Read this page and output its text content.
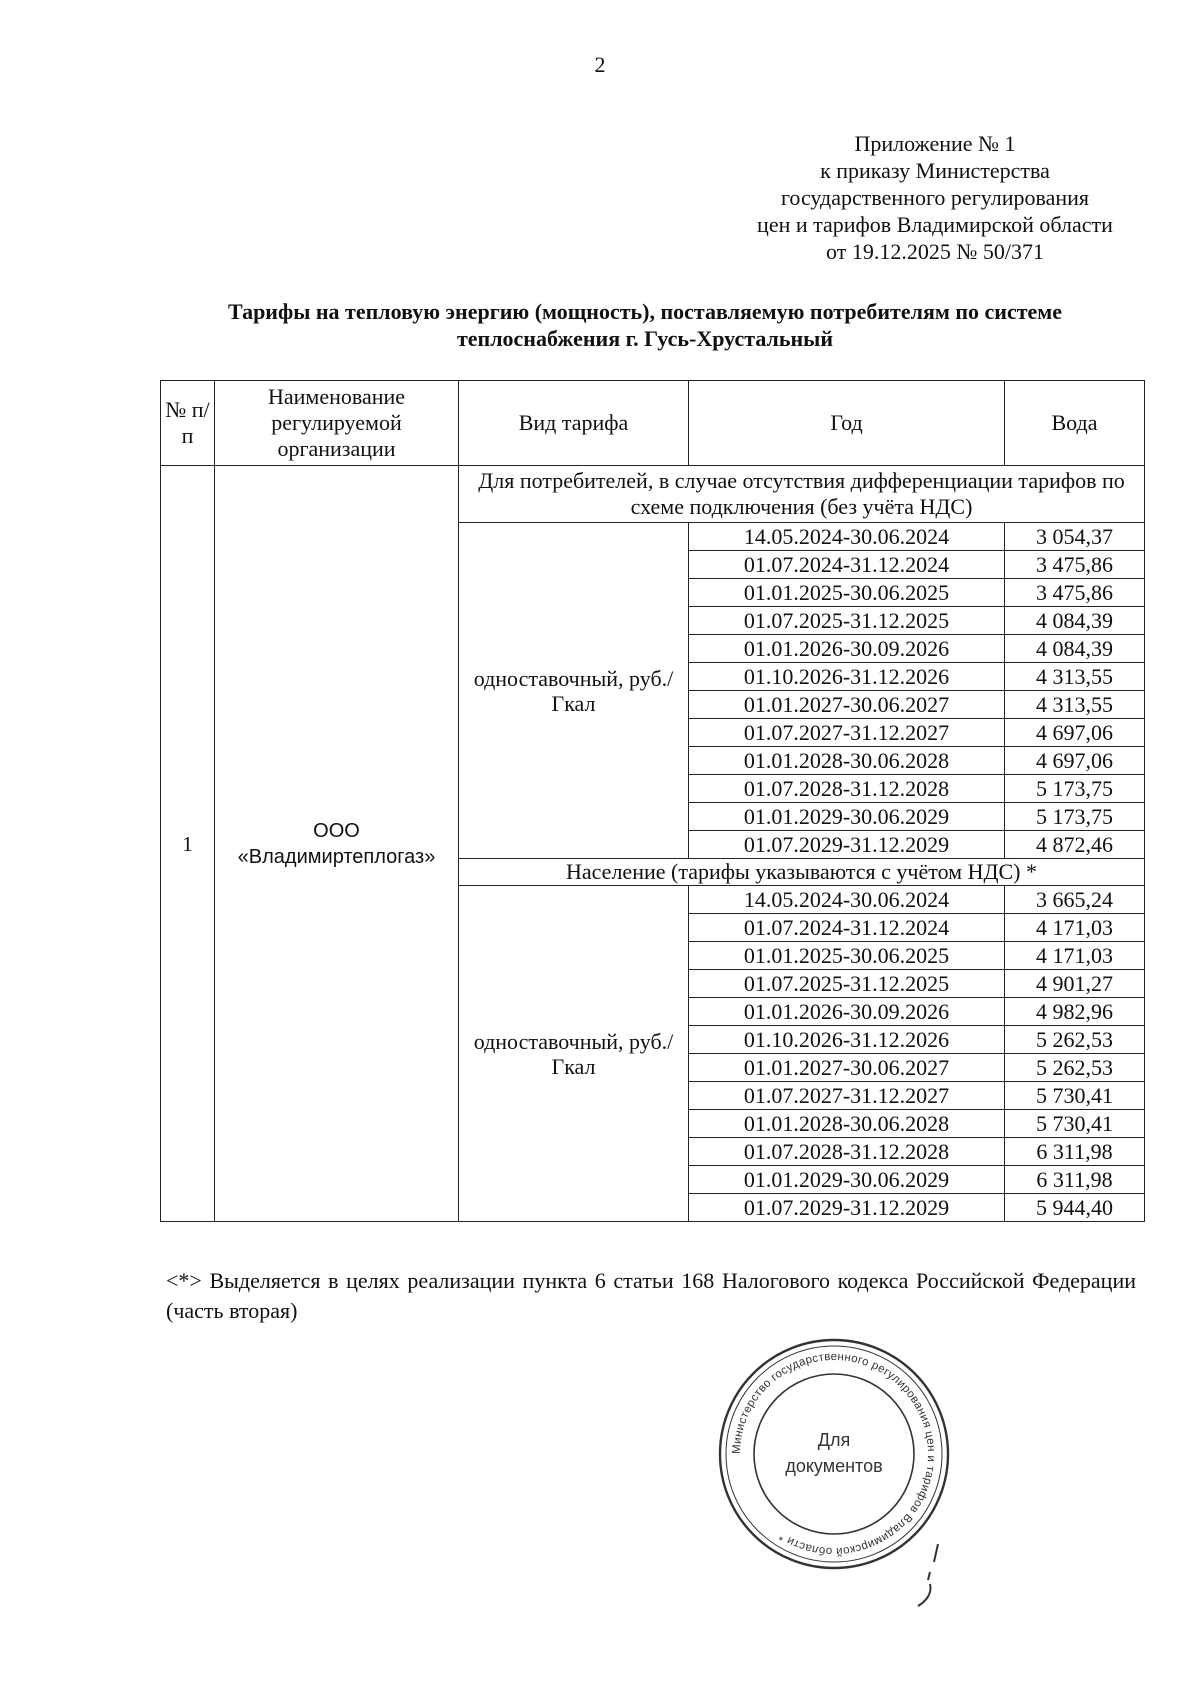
2
Приложение № 1
к приказу Министерства
государственного регулирования
цен и тарифов Владимирской области
от 19.12.2025 № 50/371
Тарифы на тепловую энергию (мощность), поставляемую потребителям по системе
теплоснабжения г. Гусь-Хрустальный
№ п/п	Наименование регулируемой организации	Вид тарифа	Год	Вода
1	ООО «Владимиртеплогаз»	Для потребителей, в случае отсутствия дифференциации тарифов по схеме подключения (без учёта НДС)		
		одноставочный, руб./Гкал	14.05.2024-30.06.2024	3 054,37
			01.07.2024-31.12.2024	3 475,86
			01.01.2025-30.06.2025	3 475,86
			01.07.2025-31.12.2025	4 084,39
			01.01.2026-30.09.2026	4 084,39
			01.10.2026-31.12.2026	4 313,55
			01.01.2027-30.06.2027	4 313,55
			01.07.2027-31.12.2027	4 697,06
			01.01.2028-30.06.2028	4 697,06
			01.07.2028-31.12.2028	5 173,75
			01.01.2029-30.06.2029	5 173,75
			01.07.2029-31.12.2029	4 872,46
		Население (тарифы указываются с учётом НДС) *		
		одноставочный, руб./Гкал	14.05.2024-30.06.2024	3 665,24
			01.07.2024-31.12.2024	4 171,03
			01.01.2025-30.06.2025	4 171,03
			01.07.2025-31.12.2025	4 901,27
			01.01.2026-30.09.2026	4 982,96
			01.10.2026-31.12.2026	5 262,53
			01.01.2027-30.06.2027	5 262,53
			01.07.2027-31.12.2027	5 730,41
			01.01.2028-30.06.2028	5 730,41
			01.07.2028-31.12.2028	6 311,98
			01.01.2029-30.06.2029	6 311,98
			01.07.2029-31.12.2029	5 944,40
<*> Выделяется в целях реализации пункта 6 статьи 168 Налогового кодекса Российской Федерации (часть вторая)
Министерство государственного регулирования цен и тарифов Владимирской области *
Для
документов
